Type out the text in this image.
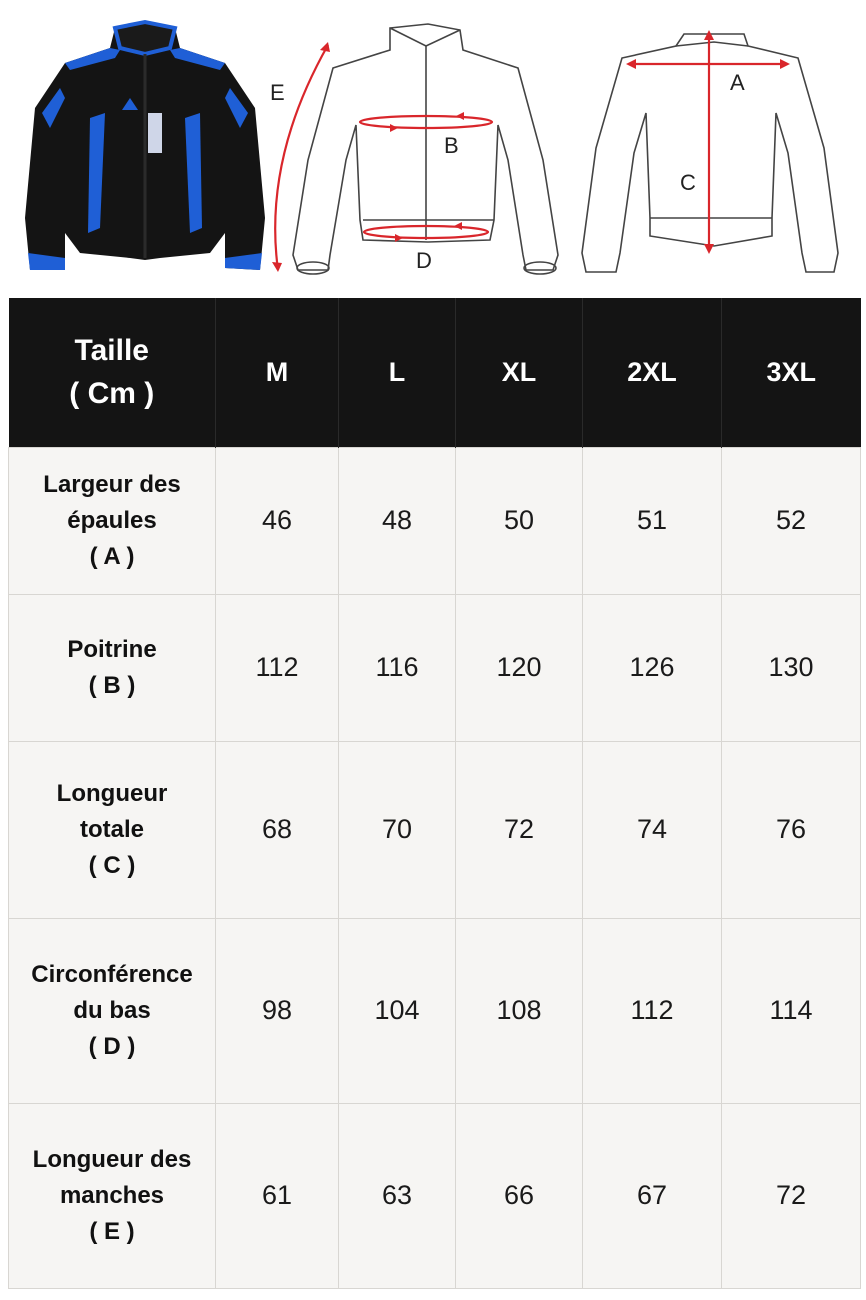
E
B
D
A
C
Taille
( Cm )	M	L	XL	2XL	3XL

Largeur des
épaules
( A )	46	48	50	51	52

Poitrine
( B )	112	116	120	126	130

Longueur
totale
( C )	68	70	72	74	76

Circonférence
du bas
( D )	98	104	108	112	114

Longueur des
manches
( E )	61	63	66	67	72
